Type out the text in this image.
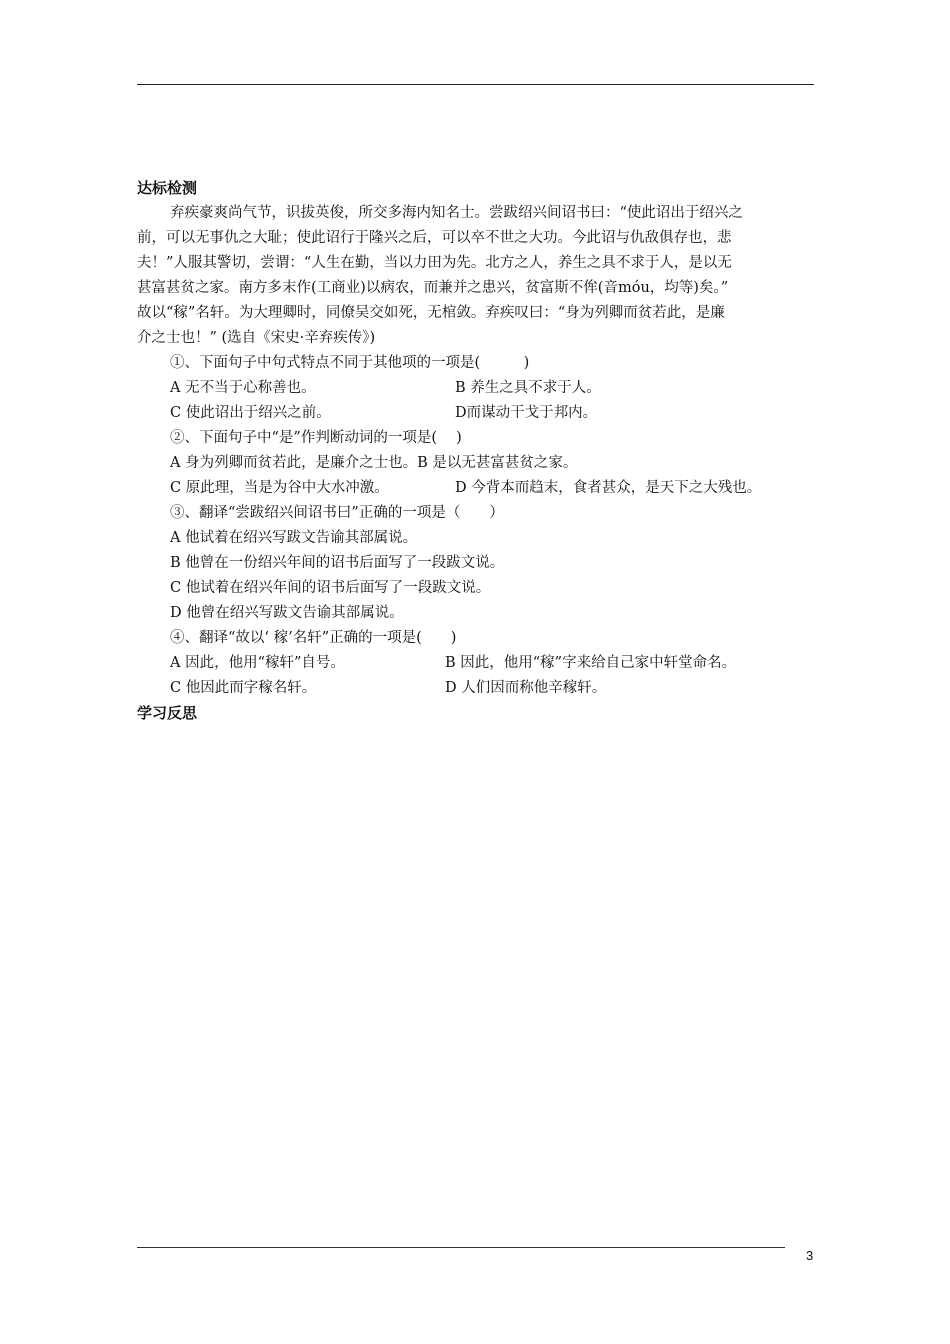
达标检测
弃疾豪爽尚气节，识拔英俊，所交多海内知名士。尝跋绍兴间诏书曰：“使此诏出于绍兴之
前，可以无事仇之大耻；使此诏行于隆兴之后，可以卒不世之大功。今此诏与仇敌俱存也，悲
夫！”人服其警切，尝谓：“人生在勤，当以力田为先。北方之人，养生之具不求于人，是以无
甚富甚贫之家。南方多末作(工商业)以病农，而兼并之患兴，贫富斯不侔(音móu，均等)矣。”
故以“稼”名轩。为大理卿时，同僚吴交如死，无棺敛。弃疾叹曰：“身为列卿而贫若此，是廉
介之士也！” (选自《宋史·辛弃疾传》)
①、下面句子中句式特点不同于其他项的一项是(　　　)
A 无不当于心称善也。	B 养生之具不求于人。
C 使此诏出于绍兴之前。	D而谋动干戈于邦内。
②、下面句子中“是”作判断动词的一项是(　 )
A 身为列卿而贫若此，是廉介之士也。B 是以无甚富甚贫之家。
C 原此理，当是为谷中大水冲激。	D 今背本而趋末，食者甚众，是天下之大残也。
③、翻译“尝跋绍兴间诏书曰”正确的一项是（　　）
A 他试着在绍兴写跋文告谕其部属说。
B 他曾在一份绍兴年间的诏书后面写了一段跋文说。
C 他试着在绍兴年间的诏书后面写了一段跋文说。
D 他曾在绍兴写跋文告谕其部属说。
④、翻译“故以‘ 稼’名轩”正确的一项是(　　)
A 因此，他用“稼轩”自号。	B 因此，他用“稼”字来给自己家中轩堂命名。
C 他因此而字稼名轩。	D 人们因而称他辛稼轩。
学习反思
3
